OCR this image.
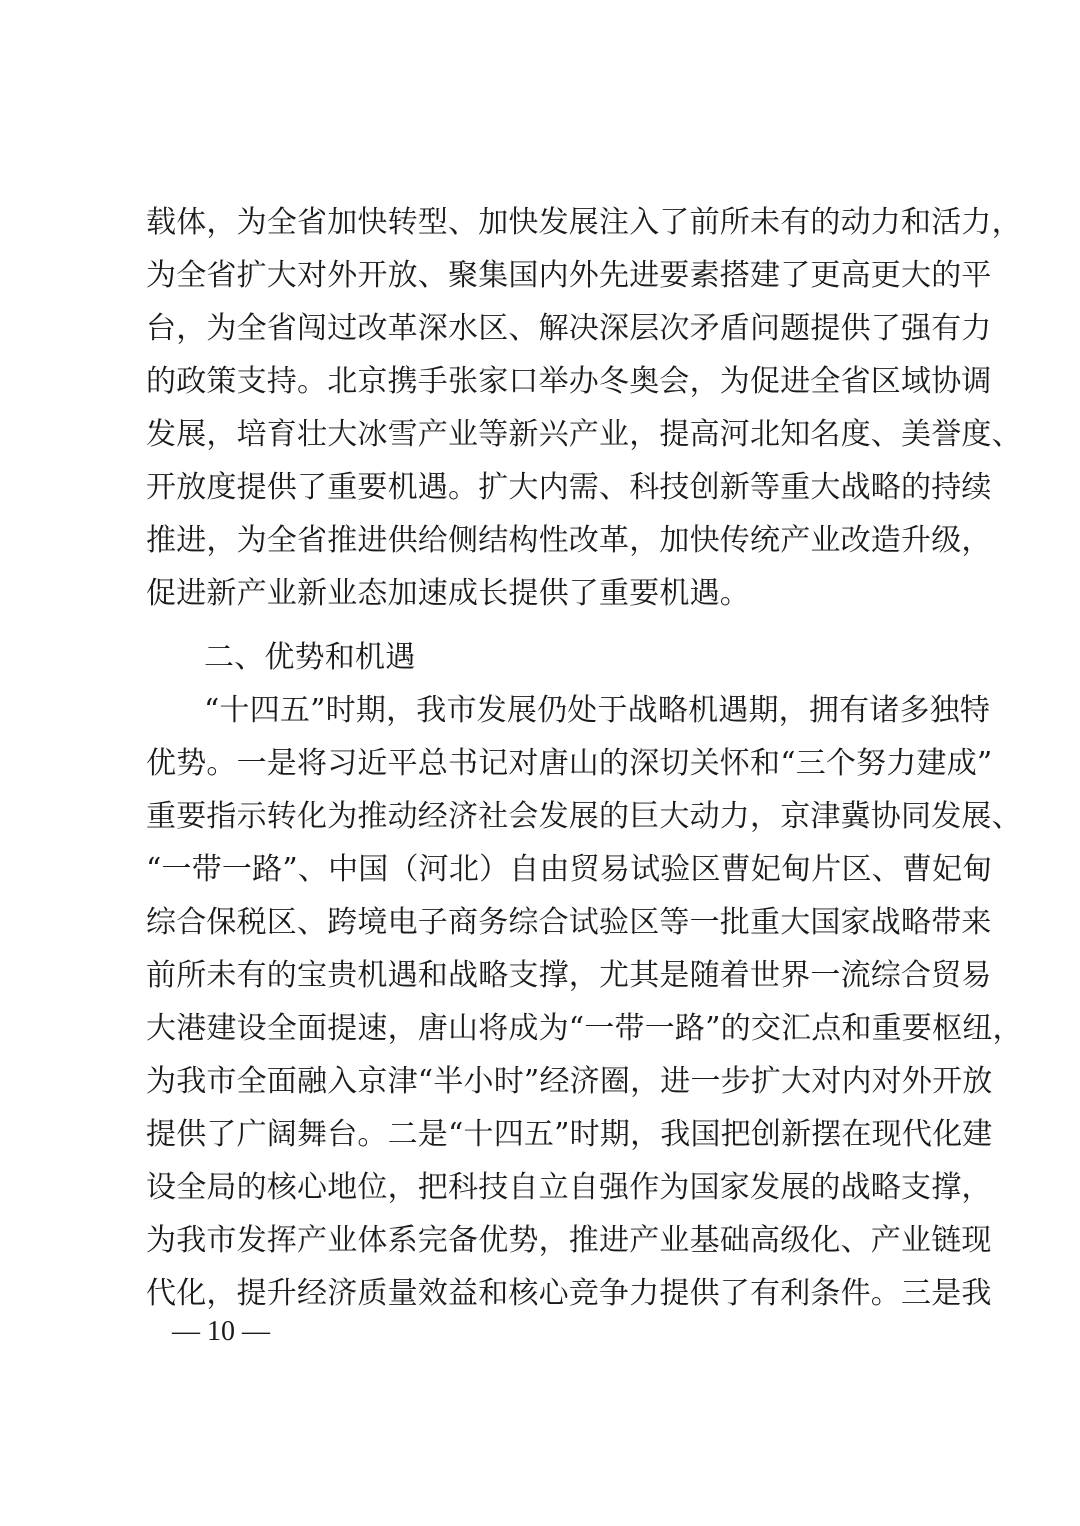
载体，为全省加快转型、加快发展注入了前所未有的动力和活力，
为全省扩大对外开放、聚集国内外先进要素搭建了更高更大的平
台，为全省闯过改革深水区、解决深层次矛盾问题提供了强有力
的政策支持。北京携手张家口举办冬奥会，为促进全省区域协调
发展，培育壮大冰雪产业等新兴产业，提高河北知名度、美誉度、
开放度提供了重要机遇。扩大内需、科技创新等重大战略的持续
推进，为全省推进供给侧结构性改革，加快传统产业改造升级，
促进新产业新业态加速成长提供了重要机遇。
二、优势和机遇
“十四五”时期，我市发展仍处于战略机遇期，拥有诸多独特
优势。一是将习近平总书记对唐山的深切关怀和“三个努力建成”
重要指示转化为推动经济社会发展的巨大动力，京津冀协同发展、
“一带一路”、中国（河北）自由贸易试验区曹妃甸片区、曹妃甸
综合保税区、跨境电子商务综合试验区等一批重大国家战略带来
前所未有的宝贵机遇和战略支撑，尤其是随着世界一流综合贸易
大港建设全面提速，唐山将成为“一带一路”的交汇点和重要枢纽，
为我市全面融入京津“半小时”经济圈，进一步扩大对内对外开放
提供了广阔舞台。二是“十四五”时期，我国把创新摆在现代化建
设全局的核心地位，把科技自立自强作为国家发展的战略支撑，
为我市发挥产业体系完备优势，推进产业基础高级化、产业链现
代化，提升经济质量效益和核心竞争力提供了有利条件。三是我
— 10 —
